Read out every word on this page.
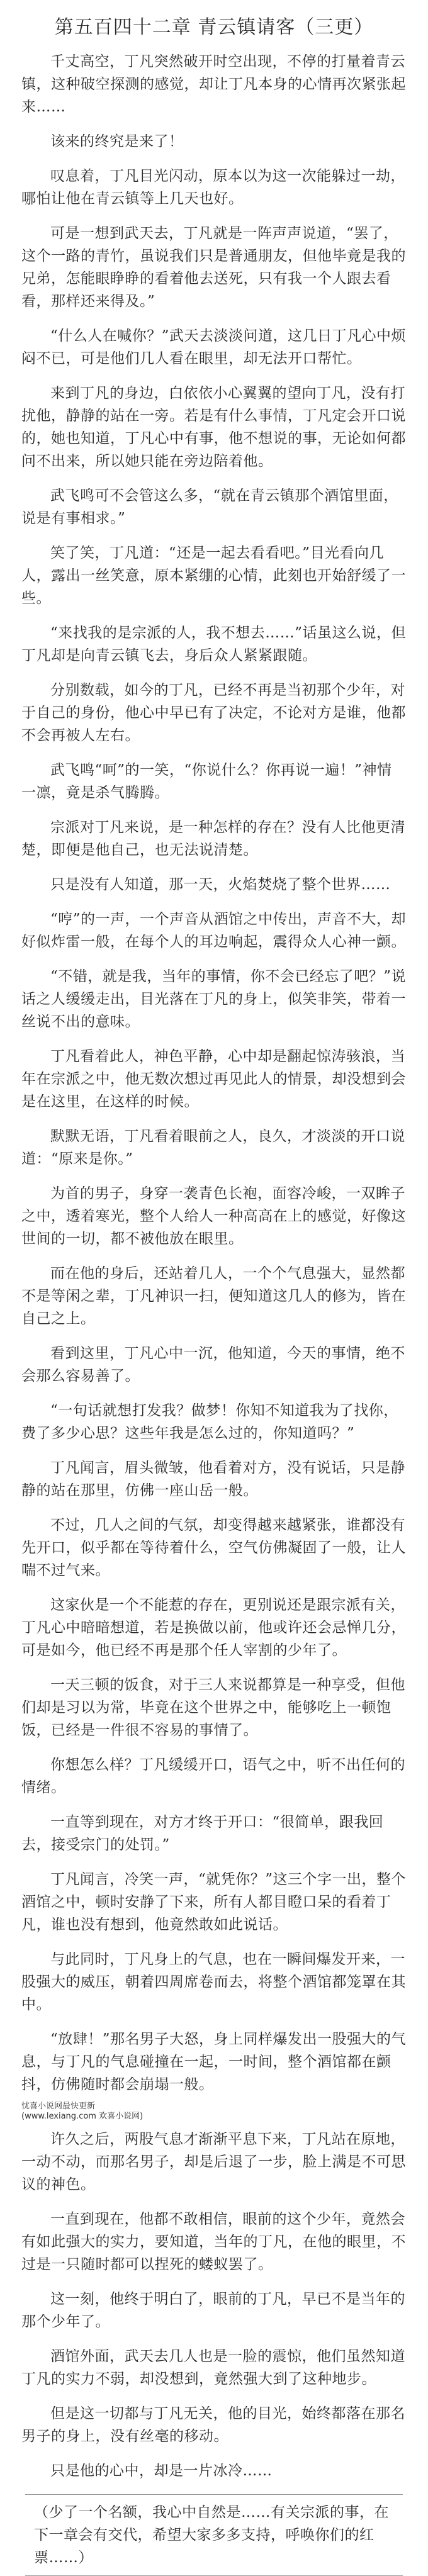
第五百四十二章 青云镇请客（三更）

千丈高空，丁凡突然破开时空出现，不停的打量着青云镇，这种破空探测的感觉，却让丁凡本身的心情再次紧张起来……

该来的终究是来了！

叹息着，丁凡目光闪动，原本以为这一次能躲过一劫，哪怕让他在青云镇等上几天也好。

可是一想到武天去，丁凡就是一阵声声说道，“罢了，这个一路的青竹，虽说我们只是普通朋友，但他毕竟是我的兄弟，怎能眼睁睁的看着他去送死，只有我一个人跟去看看，那样还来得及。”

“什么人在喊你？”武天去淡淡问道，这几日丁凡心中烦闷不已，可是他们几人看在眼里，却无法开口帮忙。

来到丁凡的身边，白依依小心翼翼的望向丁凡，没有打扰他，静静的站在一旁。若是有什么事情，丁凡定会开口说的，她也知道，丁凡心中有事，他不想说的事，无论如何都问不出来，所以她只能在旁边陪着他。

武飞鸣可不会管这么多，“就在青云镇那个酒馆里面，说是有事相求。”

笑了笑，丁凡道：“还是一起去看看吧。”目光看向几人，露出一丝笑意，原本紧绷的心情，此刻也开始舒缓了一些。

“来找我的是宗派的人，我不想去……”话虽这么说，但丁凡却是向青云镇飞去，身后众人紧紧跟随。

分别数载，如今的丁凡，已经不再是当初那个少年，对于自己的身份，他心中早已有了决定，不论对方是谁，他都不会再被人左右。

武飞鸣“呵”的一笑，“你说什么？你再说一遍！”神情一凛，竟是杀气腾腾。

宗派对丁凡来说，是一种怎样的存在？没有人比他更清楚，即便是他自己，也无法说清楚。

只是没有人知道，那一天，火焰焚烧了整个世界……

“哼”的一声，一个声音从酒馆之中传出，声音不大，却好似炸雷一般，在每个人的耳边响起，震得众人心神一颤。

“不错，就是我，当年的事情，你不会已经忘了吧？”说话之人缓缓走出，目光落在丁凡的身上，似笑非笑，带着一丝说不出的意味。

丁凡看着此人，神色平静，心中却是翻起惊涛骇浪，当年在宗派之中，他无数次想过再见此人的情景，却没想到会是在这里，在这样的时候。

默默无语，丁凡看着眼前之人，良久，才淡淡的开口说道：“原来是你。”

为首的男子，身穿一袭青色长袍，面容冷峻，一双眸子之中，透着寒光，整个人给人一种高高在上的感觉，好像这世间的一切，都不被他放在眼里。

而在他的身后，还站着几人，一个个气息强大，显然都不是等闲之辈，丁凡神识一扫，便知道这几人的修为，皆在自己之上。

看到这里，丁凡心中一沉，他知道，今天的事情，绝不会那么容易善了。

“一句话就想打发我？做梦！你知不知道我为了找你，费了多少心思？这些年我是怎么过的，你知道吗？”

丁凡闻言，眉头微皱，他看着对方，没有说话，只是静静的站在那里，仿佛一座山岳一般。

不过，几人之间的气氛，却变得越来越紧张，谁都没有先开口，似乎都在等待着什么，空气仿佛凝固了一般，让人喘不过气来。

这家伙是一个不能惹的存在，更别说还是跟宗派有关，丁凡心中暗暗想道，若是换做以前，他或许还会忌惮几分，可是如今，他已经不再是那个任人宰割的少年了。

一天三顿的饭食，对于三人来说都算是一种享受，但他们却是习以为常，毕竟在这个世界之中，能够吃上一顿饱饭，已经是一件很不容易的事情了。

你想怎么样？丁凡缓缓开口，语气之中，听不出任何的情绪。

一直等到现在，对方才终于开口：“很简单，跟我回去，接受宗门的处罚。”

丁凡闻言，冷笑一声，“就凭你？”这三个字一出，整个酒馆之中，顿时安静了下来，所有人都目瞪口呆的看着丁凡，谁也没有想到，他竟然敢如此说话。

与此同时，丁凡身上的气息，也在一瞬间爆发开来，一股强大的威压，朝着四周席卷而去，将整个酒馆都笼罩在其中。

“放肆！”那名男子大怒，身上同样爆发出一股强大的气息，与丁凡的气息碰撞在一起，一时间，整个酒馆都在颤抖，仿佛随时都会崩塌一般。

忧喜小说网最快更新
(www.lexiang.com 欢喜小说网)

许久之后，两股气息才渐渐平息下来，丁凡站在原地，一动不动，而那名男子，却是后退了一步，脸上满是不可思议的神色。

一直到现在，他都不敢相信，眼前的这个少年，竟然会有如此强大的实力，要知道，当年的丁凡，在他的眼里，不过是一只随时都可以捏死的蝼蚁罢了。

这一刻，他终于明白了，眼前的丁凡，早已不是当年的那个少年了。

酒馆外面，武天去几人也是一脸的震惊，他们虽然知道丁凡的实力不弱，却没想到，竟然强大到了这种地步。

但是这一切都与丁凡无关，他的目光，始终都落在那名男子的身上，没有丝毫的移动。

只是他的心中，却是一片冰冷……

（少了一个名额，我心中自然是……有关宗派的事，在下一章会有交代，希望大家多多支持，呼唤你们的红票……）
